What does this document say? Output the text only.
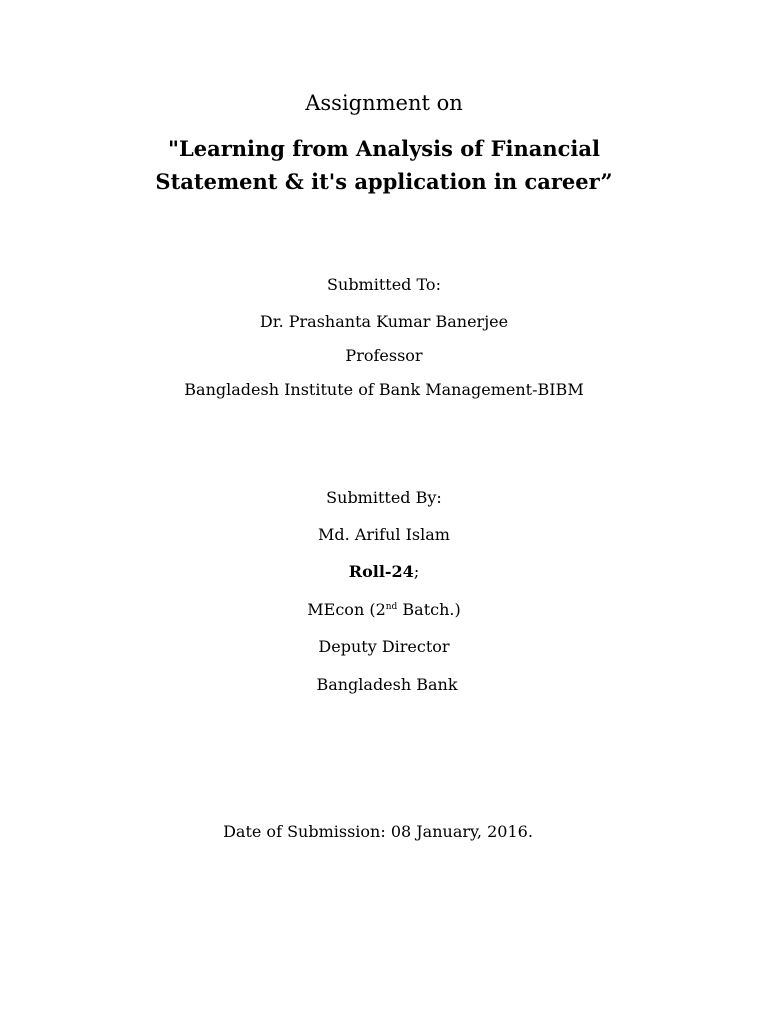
Assignment on
"Learning from Analysis of Financial
Statement & it's application in career”
Submitted To:
Dr. Prashanta Kumar Banerjee
Professor
Bangladesh Institute of Bank Management-BIBM
Submitted By:
Md. Ariful Islam
Roll-24;
MEcon (2nd Batch.)
Deputy Director
Bangladesh Bank
Date of Submission: 08 January, 2016.
